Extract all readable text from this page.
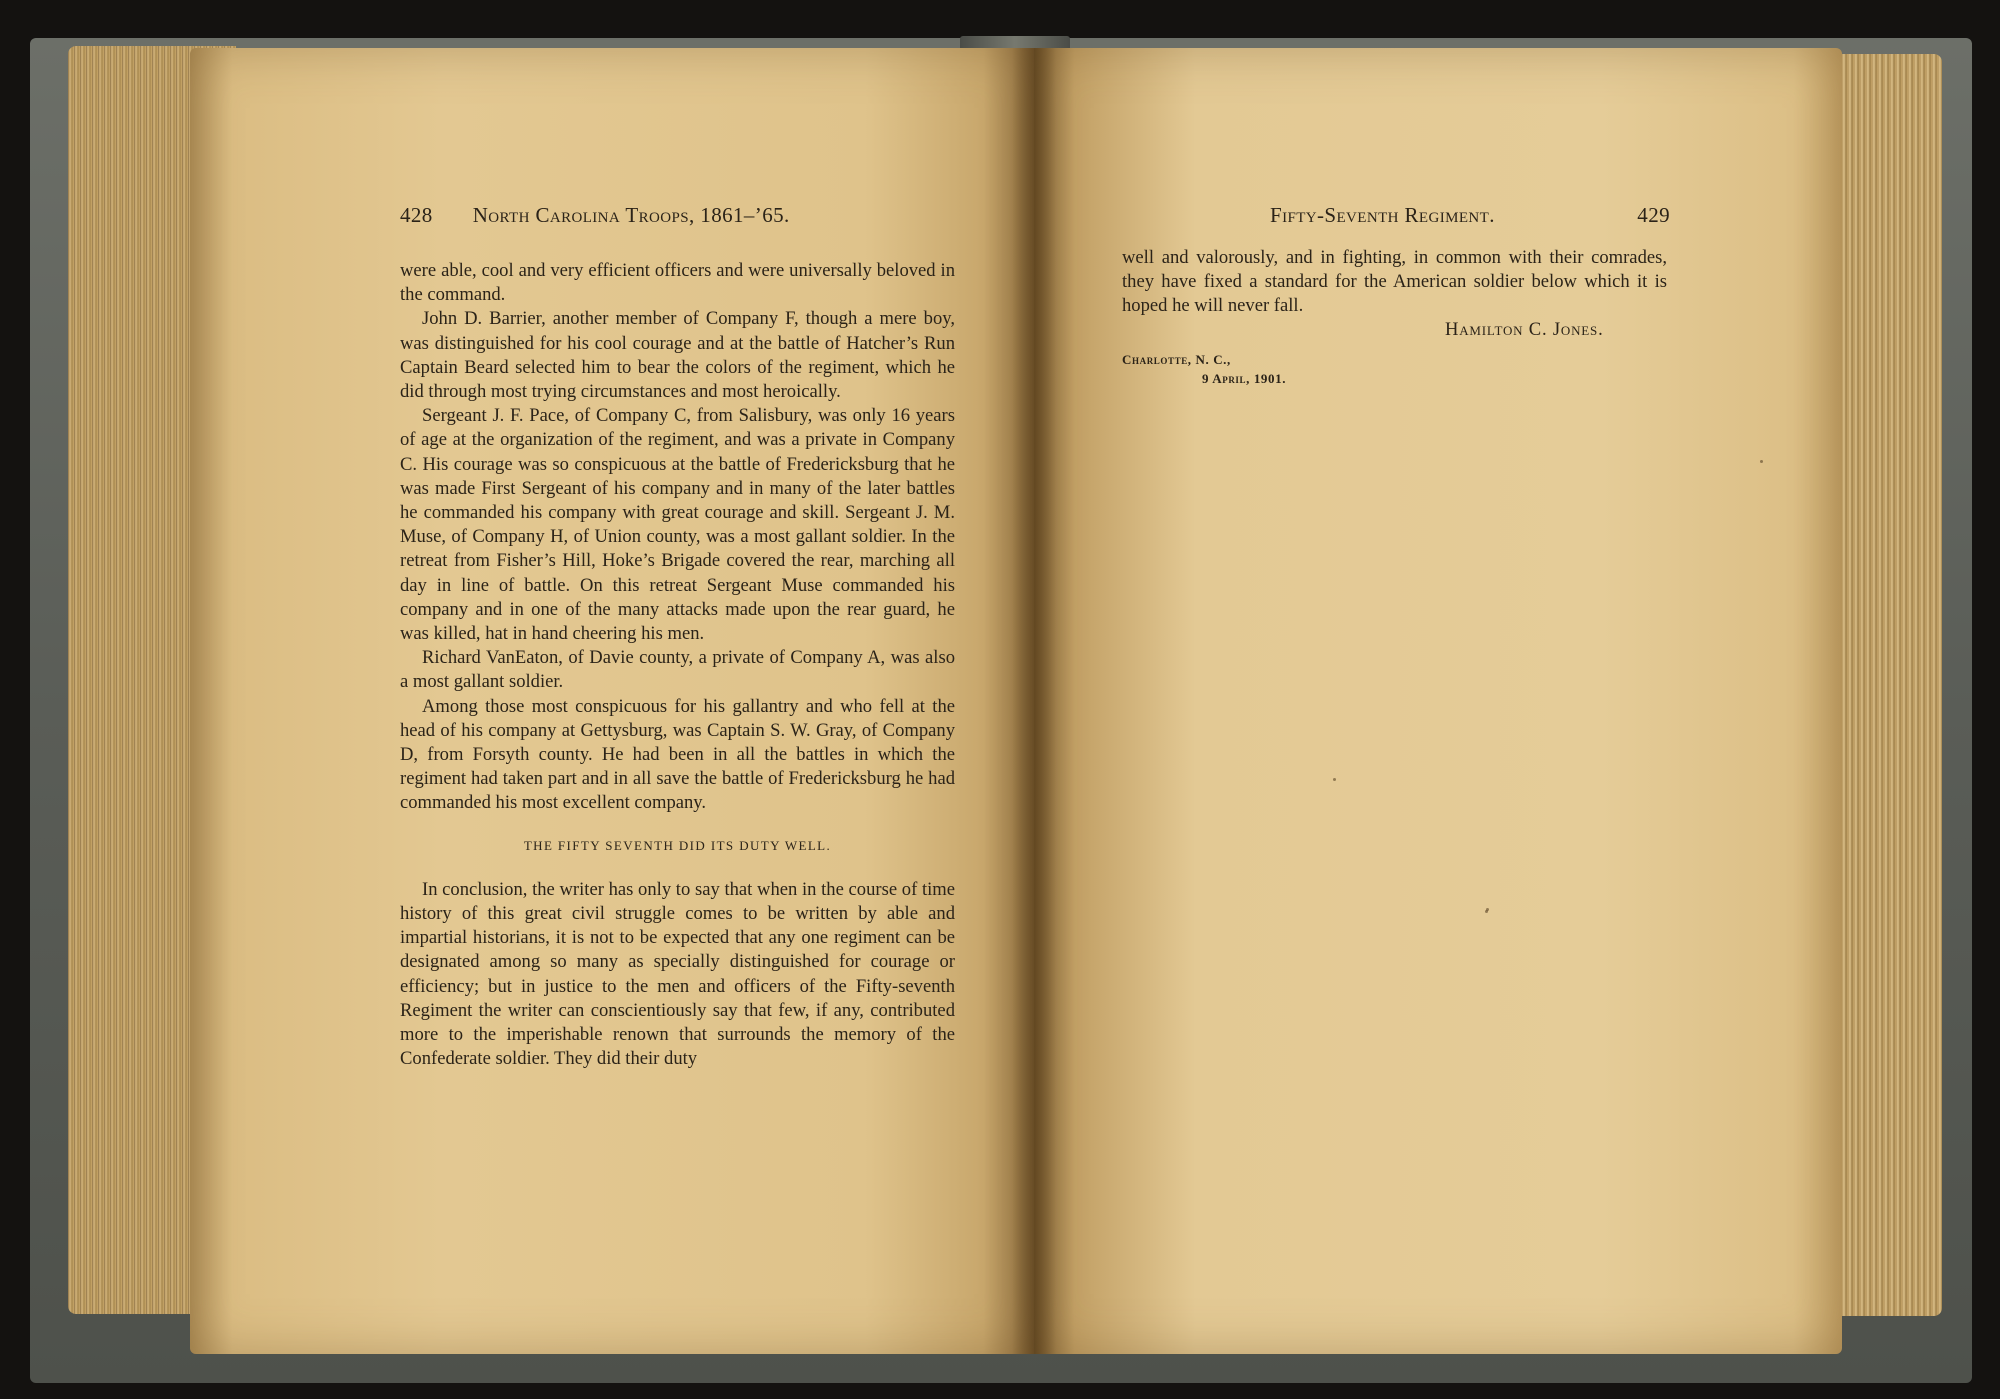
428 North Carolina Troops, 1861–’65.	Fifty-Seventh Regiment.	429

were able, cool and very efficient officers and were universally beloved in the command.

John D. Barrier, another member of Company F, though a mere boy, was distinguished for his cool courage and at the battle of Hatcher’s Run Captain Beard selected him to bear the colors of the regiment, which he did through most trying circumstances and most heroically.

Sergeant J. F. Pace, of Company C, from Salisbury, was only 16 years of age at the organization of the regiment, and was a private in Company C. His courage was so conspicuous at the battle of Fredericksburg that he was made First Sergeant of his company and in many of the later battles he commanded his company with great courage and skill. Sergeant J. M. Muse, of Company H, of Union county, was a most gallant soldier. In the retreat from Fisher’s Hill, Hoke’s Brigade covered the rear, marching all day in line of battle. On this retreat Sergeant Muse commanded his company and in one of the many attacks made upon the rear guard, he was killed, hat in hand cheering his men.

Richard VanEaton, of Davie county, a private of Company A, was also a most gallant soldier.

Among those most conspicuous for his gallantry and who fell at the head of his company at Gettysburg, was Captain S. W. Gray, of Company D, from Forsyth county. He had been in all the battles in which the regiment had taken part and in all save the battle of Fredericksburg he had commanded his most excellent company.

THE FIFTY SEVENTH DID ITS DUTY WELL.

In conclusion, the writer has only to say that when in the course of time history of this great civil struggle comes to be written by able and impartial historians, it is not to be expected that any one regiment can be designated among so many as specially distinguished for courage or efficiency; but in justice to the men and officers of the Fifty-seventh Regiment the writer can conscientiously say that few, if any, contributed more to the imperishable renown that surrounds the memory of the Confederate soldier. They did their duty

well and valorously, and in fighting, in common with their comrades, they have fixed a standard for the American soldier below which it is hoped he will never fall.

Hamilton C. Jones.
Charlotte, N. C.,
9 April, 1901.
